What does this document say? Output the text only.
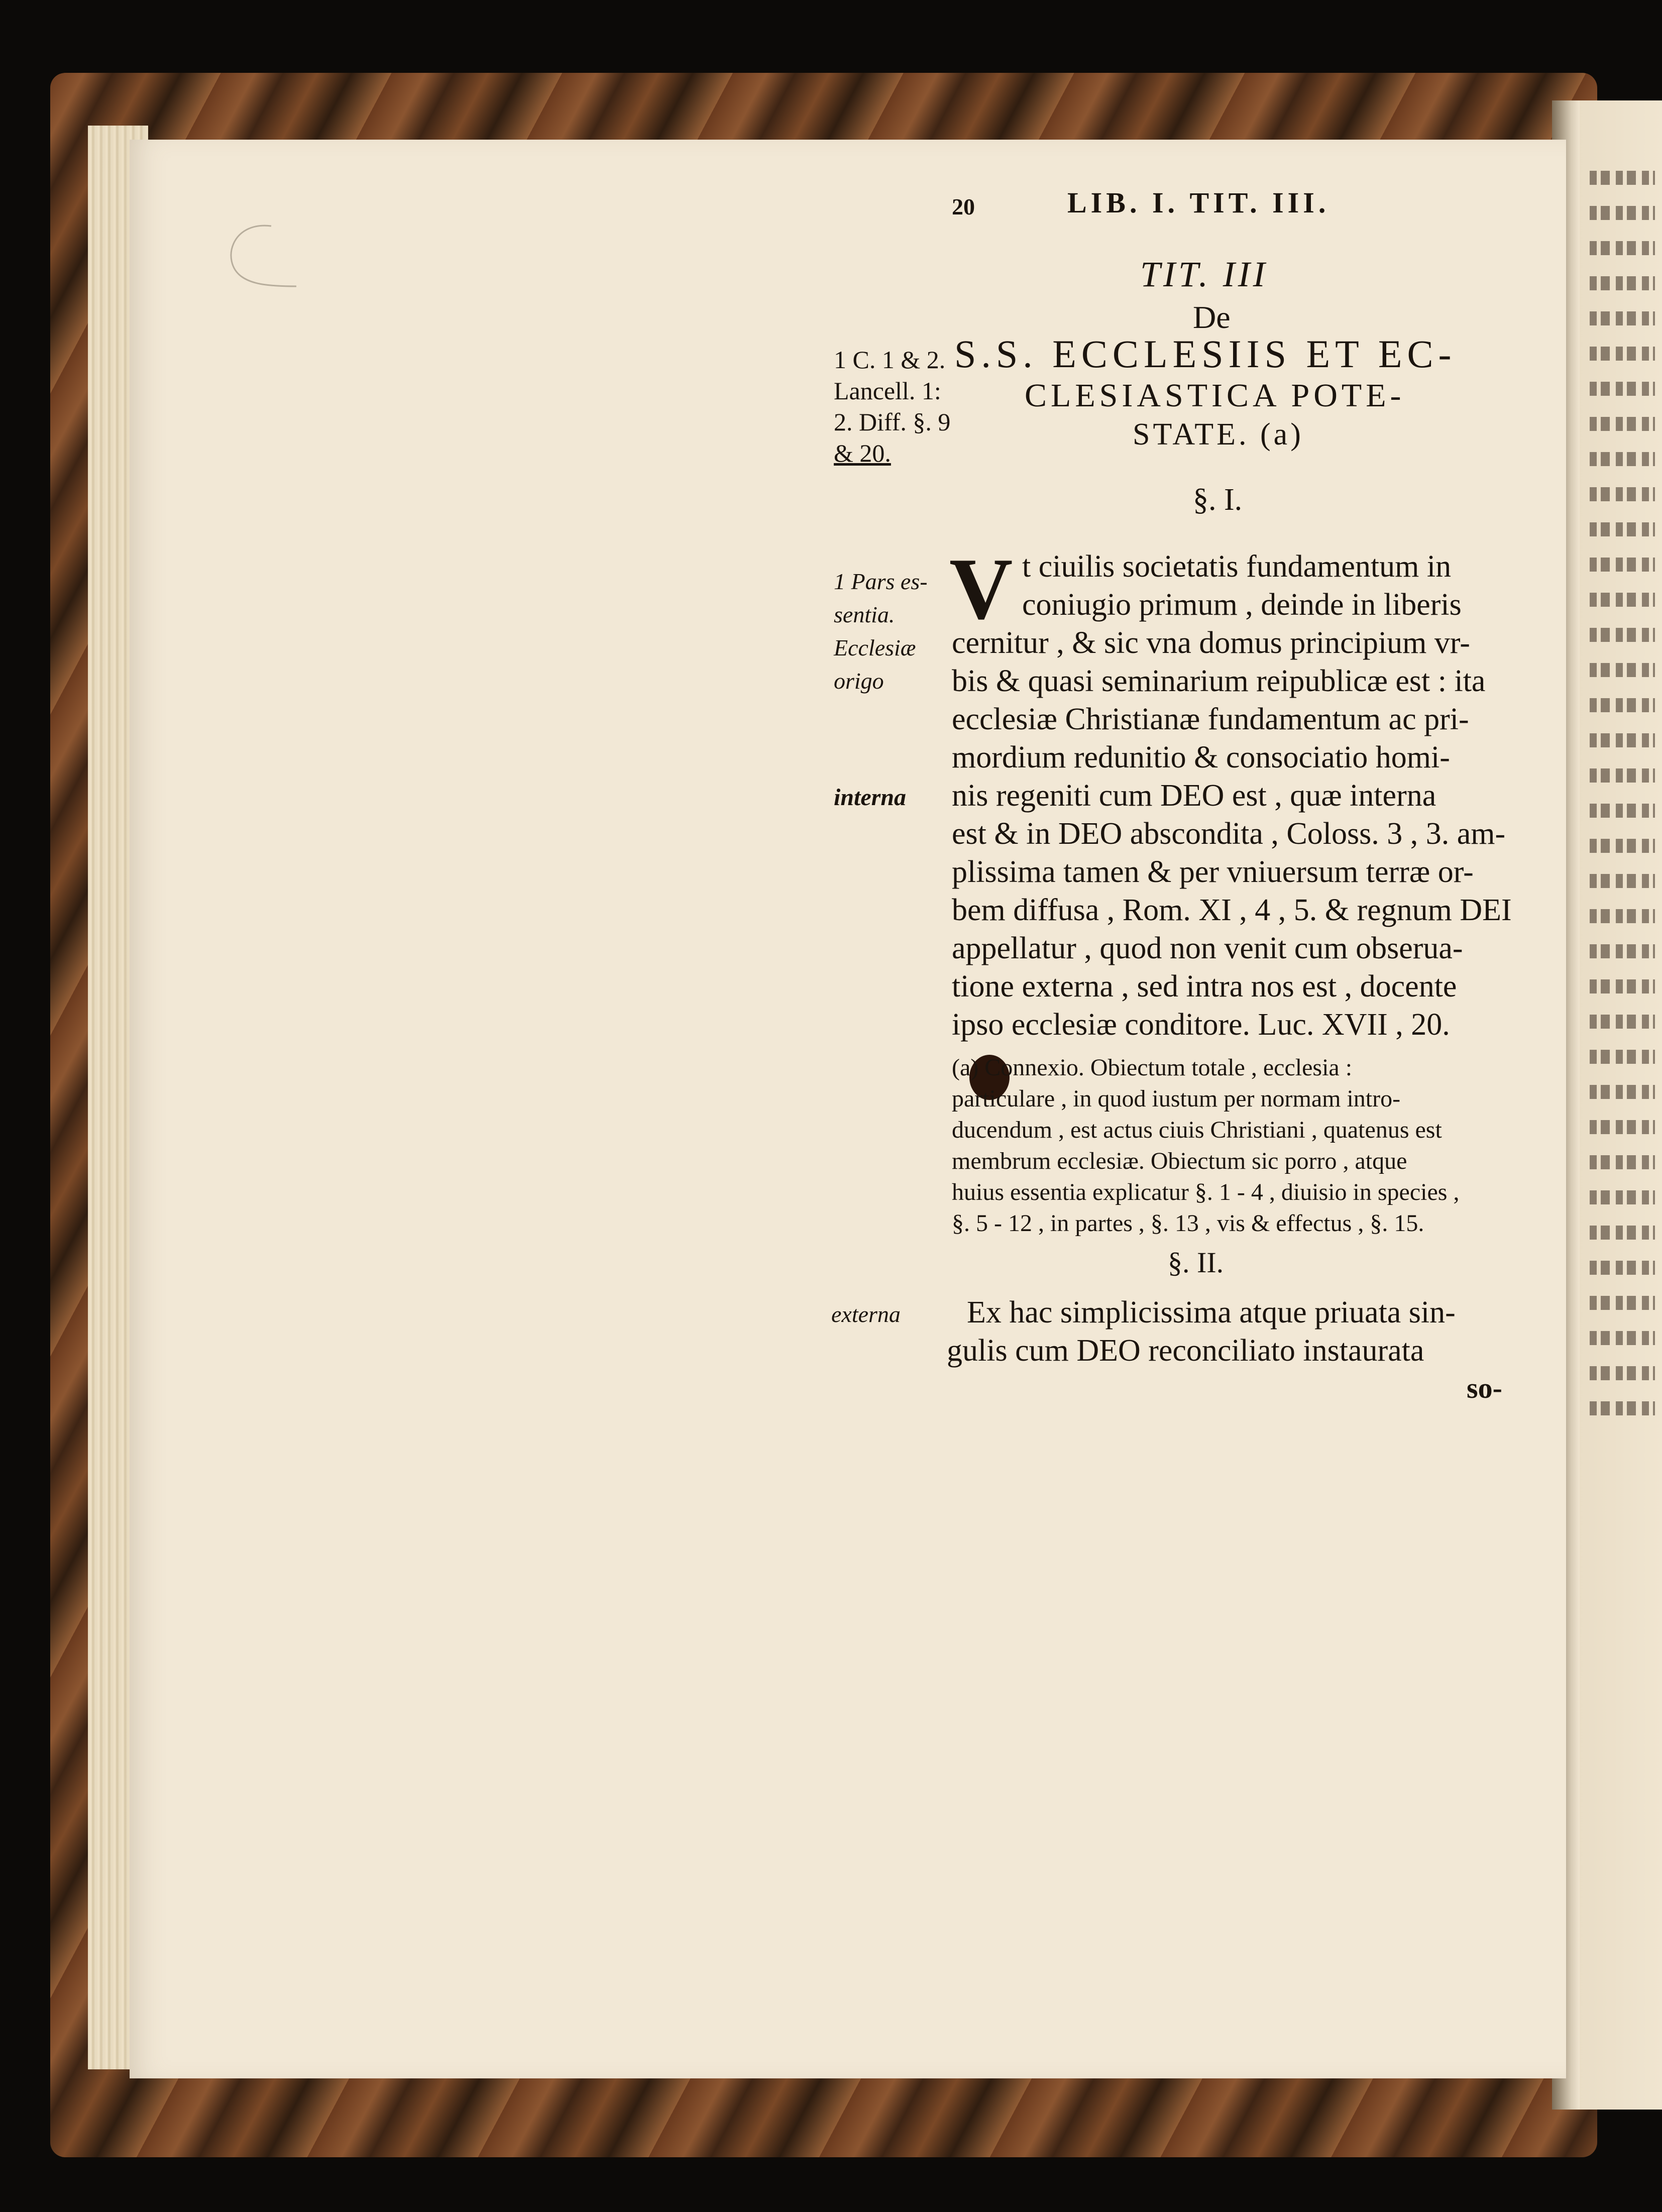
20	LIB. I. TIT. III.
TIT. III
De
S.S. ECCLESIIS ET EC-
CLESIASTICA POTE-
STATE. (a)
1 C. 1 & 2.
Lancell. 1:
2. Diff. §. 9
& 20.
§. I.
1 Pars es-
sentia.
Ecclesiæ
origo
V t ciuilis societatis fundamentum in
coniugio primum , deinde in liberis
cernitur , & sic vna domus principium vr-
bis & quasi seminarium reipublicæ est : ita
ecclesiæ Christianæ fundamentum ac pri-
mordium redunitio & consociatio homi-
nis regeniti cum DEO est , quæ interna
est & in DEO abscondita , Coloss. 3 , 3. am-
plissima tamen & per vniuersum terræ or-
bem diffusa , Rom. XI , 4 , 5. & regnum DEI
appellatur , quod non venit cum obserua-
tione externa , sed intra nos est , docente
ipso ecclesiæ conditore. Luc. XVII , 20.
interna
(a) Connexio. Obiectum totale , ecclesia :
particulare , in quod iustum per normam intro-
ducendum , est actus ciuis Christiani , quatenus est
membrum ecclesiæ. Obiectum sic porro , atque
huius essentia explicatur §. 1 - 4 , diuisio in species ,
§. 5 - 12 , in partes , §. 13 , vis & effectus , §. 15.
§. II.
externa	Ex hac simplicissima atque priuata sin-
gulis cum DEO reconciliato instaurata
so-
